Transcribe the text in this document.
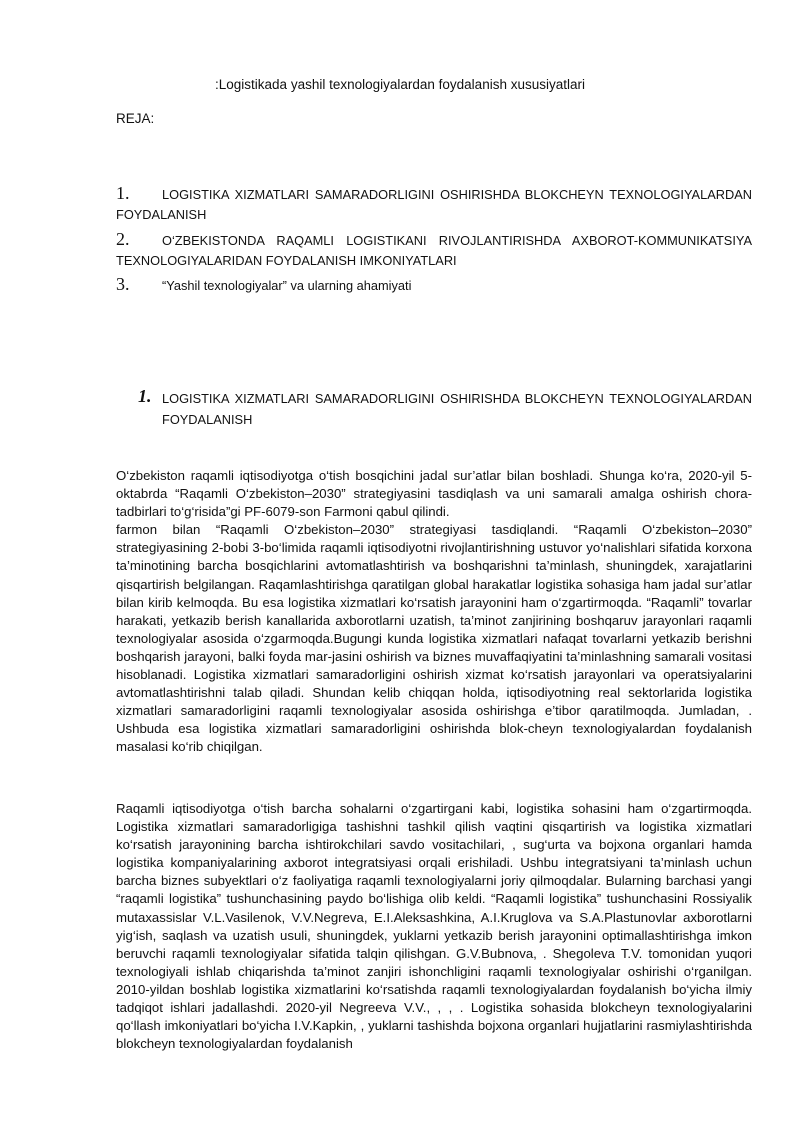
:Logistikada yashil texnologiyalardan foydalanish xususiyatlari
REJA:
1.	LOGISTIKA XIZMATLARI SAMARADORLIGINI OSHIRISHDA BLOKCHEYN TEXNOLOGIYALARDAN FOYDALANISH
2.	O‘ZBEKISTONDA RAQAMLI LOGISTIKANI RIVOJLANTIRISHDA AXBOROT-KOMMUNIKATSIYA TEXNOLOGIYALARIDAN FOYDALANISH IMKONIYATLARI
3.	“Yashil texnologiyalar” va ularning ahamiyati
1. LOGISTIKA XIZMATLARI SAMARADORLIGINI OSHIRISHDA BLOKCHEYN TEXNOLOGIYALARDAN FOYDALANISH

O‘zbekiston raqamli iqtisodiyotga o‘tish bosqichini jadal sur’atlar bilan boshladi. Shunga ko‘ra, 2020-yil 5-oktabrda “Raqamli O‘zbekiston–2030” strategiyasini tasdiqlash va uni samarali amalga oshirish chora-tadbirlari to‘g‘risida”gi PF-6079-son Farmoni qabul qilindi.

farmon bilan “Raqamli O‘zbekiston–2030” strategiyasi tasdiqlandi. “Raqamli O‘zbekiston–2030” strategiyasining 2-bobi 3-bo‘limida raqamli iqtisodiyotni rivojlantirishning ustuvor yo‘nalishlari sifatida korxona ta’minotining barcha bosqichlarini avtomatlashtirish va boshqarishni ta’minlash, shuningdek, xarajatlarini qisqartirish belgilangan. Raqamlashtirishga qaratilgan global harakatlar logistika sohasiga ham jadal sur’atlar bilan kirib kelmoqda. Bu esa logistika xizmatlari ko‘rsatish jarayonini ham o‘zgartirmoqda. “Raqamli” tovarlar harakati, yetkazib berish kanallarida axborotlarni uzatish, ta’minot zanjirining boshqaruv jarayonlari raqamli texnologiyalar asosida o‘zgarmoqda.Bugungi kunda logistika xizmatlari nafaqat tovarlarni yetkazib berishni boshqarish jarayoni, balki foyda mar-jasini oshirish va biznes muvaffaqiyatini ta’minlashning samarali vositasi hisoblanadi. Logistika xizmatlari samaradorligini oshirish xizmat ko‘rsatish jarayonlari va operatsiyalarini avtomatlashtirishni talab qiladi. Shundan kelib chiqqan holda, iqtisodiyotning real sektorlarida logistika xizmatlari samaradorligini raqamli texnologiyalar asosida oshirishga e’tibor qaratilmoqda. Jumladan, . Ushbuda esa logistika xizmatlari samaradorligini oshirishda blok-cheyn texnologiyalardan foydalanish masalasi ko‘rib chiqilgan.

Raqamli iqtisodiyotga o‘tish barcha sohalarni o‘zgartirgani kabi, logistika sohasini ham o‘zgartirmoqda. Logistika xizmatlari samaradorligiga tashishni tashkil qilish vaqtini qisqartirish va logistika xizmatlari ko‘rsatish jarayonining barcha ishtirokchilari savdo vositachilari, , sug‘urta va bojxona organlari hamda logistika kompaniyalarining axborot integratsiyasi orqali erishiladi. Ushbu integratsiyani ta’minlash uchun barcha biznes subyektlari o‘z faoliyatiga raqamli texnologiyalarni joriy qilmoqdalar. Bularning barchasi yangi “raqamli logistika” tushunchasining paydo bo‘lishiga olib keldi. “Raqamli logistika” tushunchasini Rossiyalik mutaxassislar V.L.Vasilenok, V.V.Negreva, E.I.Aleksashkina, A.I.Kruglova va S.A.Plastunovlar axborotlarni yig‘ish, saqlash va uzatish usuli, shuningdek, yuklarni yetkazib berish jarayonini optimallashtirishga imkon beruvchi raqamli texnologiyalar sifatida talqin qilishgan. G.V.Bubnova, . Shegoleva T.V. tomonidan yuqori texnologiyali ishlab chiqarishda ta’minot zanjiri ishonchligini raqamli texnologiyalar oshirishi o‘rganilgan. 2010-yildan boshlab logistika xizmatlarini ko‘rsatishda raqamli texnologiyalardan foydalanish bo‘yicha ilmiy tadqiqot ishlari jadallashdi. 2020-yil Negreeva V.V., , , . Logistika sohasida blokcheyn texnologiyalarini qo‘llash imkoniyatlari bo‘yicha I.V.Kapkin, , yuklarni tashishda bojxona organlari hujjatlarini rasmiylashtirishda blokcheyn texnologiyalardan foydalanish
